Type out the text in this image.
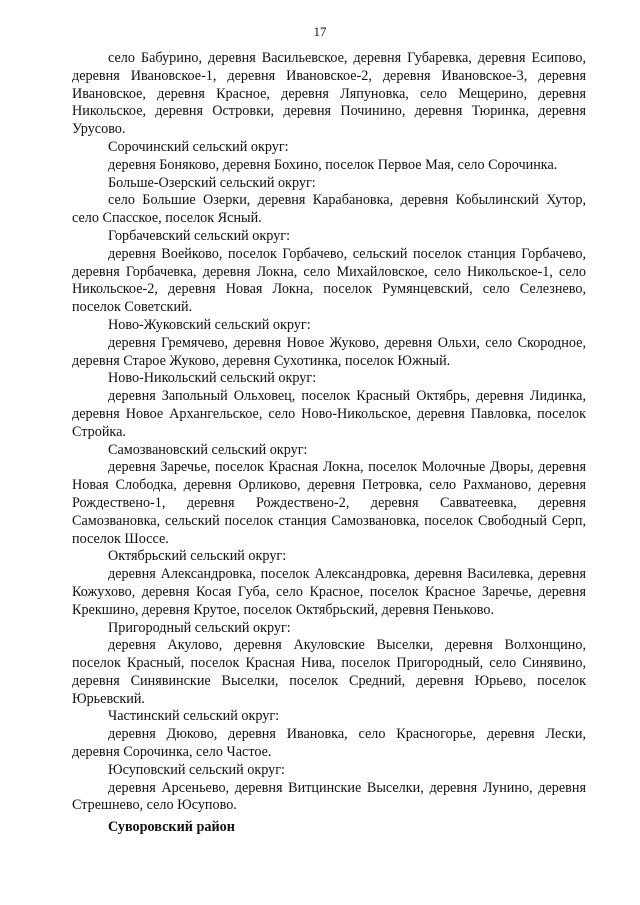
17

село Бабурино, деревня Васильевское, деревня Губаревка, деревня Есипово, деревня Ивановское-1, деревня Ивановское-2, деревня Ивановское-3, деревня Ивановское, деревня Красное, деревня Ляпуновка, село Мещерино, деревня Никольское, деревня Островки, деревня Починино, деревня Тюринка, деревня Урусово.

Сорочинский сельский округ:

деревня Боняково, деревня Бохино, поселок Первое Мая, село Сорочинка.

Больше-Озерский сельский округ:

село Большие Озерки, деревня Карабановка, деревня Кобылинский Хутор, село Спасское, поселок Ясный.

Горбачевский сельский округ:

деревня Воейково, поселок Горбачево, сельский поселок станция Горбачево, деревня Горбачевка, деревня Локна, село Михайловское, село Никольское-1, село Никольское-2, деревня Новая Локна, поселок Румянцевский, село Селезнево, поселок Советский.

Ново-Жуковский сельский округ:

деревня Гремячево, деревня Новое Жуково, деревня Ольхи, село Скородное, деревня Старое Жуково, деревня Сухотинка, поселок Южный.

Ново-Никольский сельский округ:

деревня Запольный Ольховец, поселок Красный Октябрь, деревня Лидинка, деревня Новое Архангельское, село Ново-Никольское, деревня Павловка, поселок Стройка.

Самозвановский сельский округ:

деревня Заречье, поселок Красная Локна, поселок Молочные Дворы, деревня Новая Слободка, деревня Орликово, деревня Петровка, село Рахманово, деревня Рождествено-1, деревня Рождествено-2, деревня Савватеевка, деревня Самозвановка, сельский поселок станция Самозвановка, поселок Свободный Серп, поселок Шоссе.

Октябрьский сельский округ:

деревня Александровка, поселок Александровка, деревня Василевка, деревня Кожухово, деревня Косая Губа, село Красное, поселок Красное Заречье, деревня Крекшино, деревня Крутое, поселок Октябрьский, деревня Пеньково.

Пригородный сельский округ:

деревня Акулово, деревня Акуловские Выселки, деревня Волхонщино, поселок Красный, поселок Красная Нива, поселок Пригородный, село Синявино, деревня Синявинские Выселки, поселок Средний, деревня Юрьево, поселок Юрьевский.

Частинский сельский округ:

деревня Дюково, деревня Ивановка, село Красногорье, деревня Лески, деревня Сорочинка, село Частое.

Юсуповский сельский округ:

деревня Арсеньево, деревня Витцинские Выселки, деревня Лунино, деревня Стрешнево, село Юсупово.

Суворовский район
